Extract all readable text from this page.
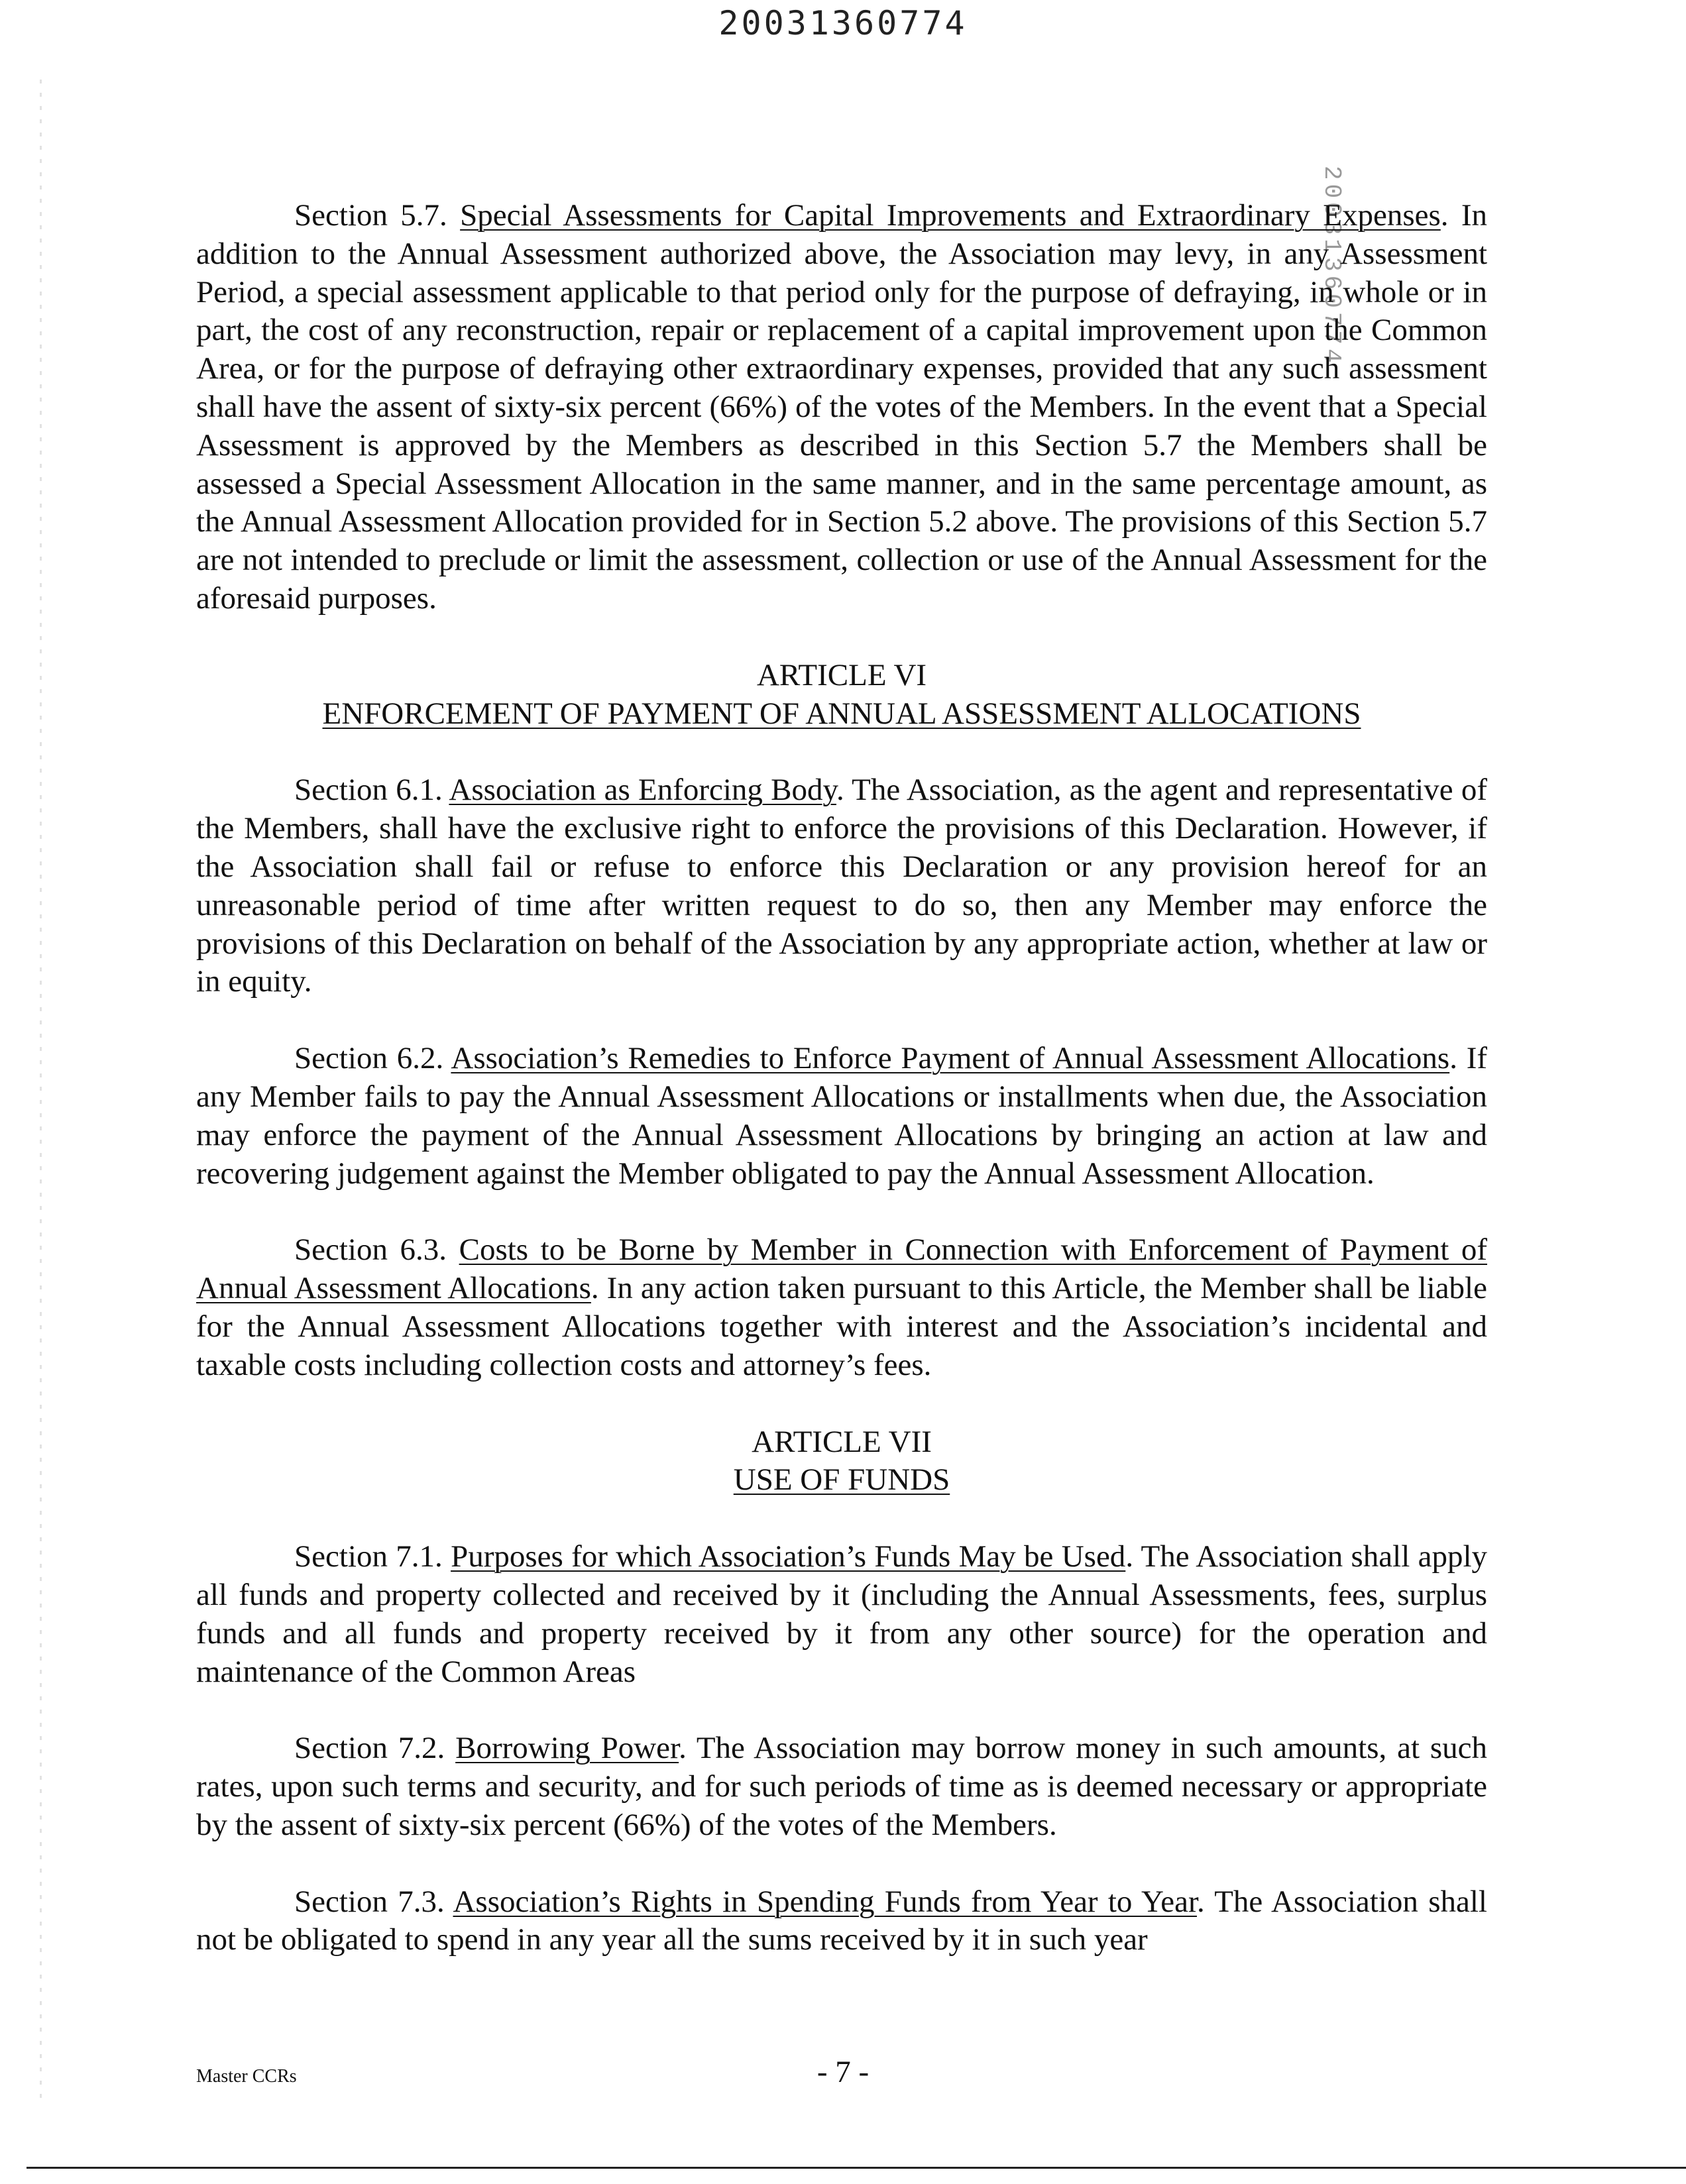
20031360774
20031360774

Section 5.7. Special Assessments for Capital Improvements and Extraordinary Expenses. In addition to the Annual Assessment authorized above, the Association may levy, in any Assessment Period, a special assessment applicable to that period only for the purpose of defraying, in whole or in part, the cost of any reconstruction, repair or replacement of a capital improvement upon the Common Area, or for the purpose of defraying other extraordinary expenses, provided that any such assessment shall have the assent of sixty-six percent (66%) of the votes of the Members. In the event that a Special Assessment is approved by the Members as described in this Section 5.7 the Members shall be assessed a Special Assessment Allocation in the same manner, and in the same percentage amount, as the Annual Assessment Allocation provided for in Section 5.2 above. The provisions of this Section 5.7 are not intended to preclude or limit the assessment, collection or use of the Annual Assessment for the aforesaid purposes.

ARTICLE VI
ENFORCEMENT OF PAYMENT OF ANNUAL ASSESSMENT ALLOCATIONS

Section 6.1. Association as Enforcing Body. The Association, as the agent and representative of the Members, shall have the exclusive right to enforce the provisions of this Declaration. However, if the Association shall fail or refuse to enforce this Declaration or any provision hereof for an unreasonable period of time after written request to do so, then any Member may enforce the provisions of this Declaration on behalf of the Association by any appropriate action, whether at law or in equity.

Section 6.2. Association’s Remedies to Enforce Payment of Annual Assessment Allocations. If any Member fails to pay the Annual Assessment Allocations or installments when due, the Association may enforce the payment of the Annual Assessment Allocations by bringing an action at law and recovering judgement against the Member obligated to pay the Annual Assessment Allocation.

Section 6.3. Costs to be Borne by Member in Connection with Enforcement of Payment of Annual Assessment Allocations. In any action taken pursuant to this Article, the Member shall be liable for the Annual Assessment Allocations together with interest and the Association’s incidental and taxable costs including collection costs and attorney’s fees.

ARTICLE VII
USE OF FUNDS

Section 7.1. Purposes for which Association’s Funds May be Used. The Association shall apply all funds and property collected and received by it (including the Annual Assessments, fees, surplus funds and all funds and property received by it from any other source) for the operation and maintenance of the Common Areas

Section 7.2. Borrowing Power. The Association may borrow money in such amounts, at such rates, upon such terms and security, and for such periods of time as is deemed necessary or appropriate by the assent of sixty-six percent (66%) of the votes of the Members.

Section 7.3. Association’s Rights in Spending Funds from Year to Year. The Association shall not be obligated to spend in any year all the sums received by it in such year

Master CCRs	- 7 -
